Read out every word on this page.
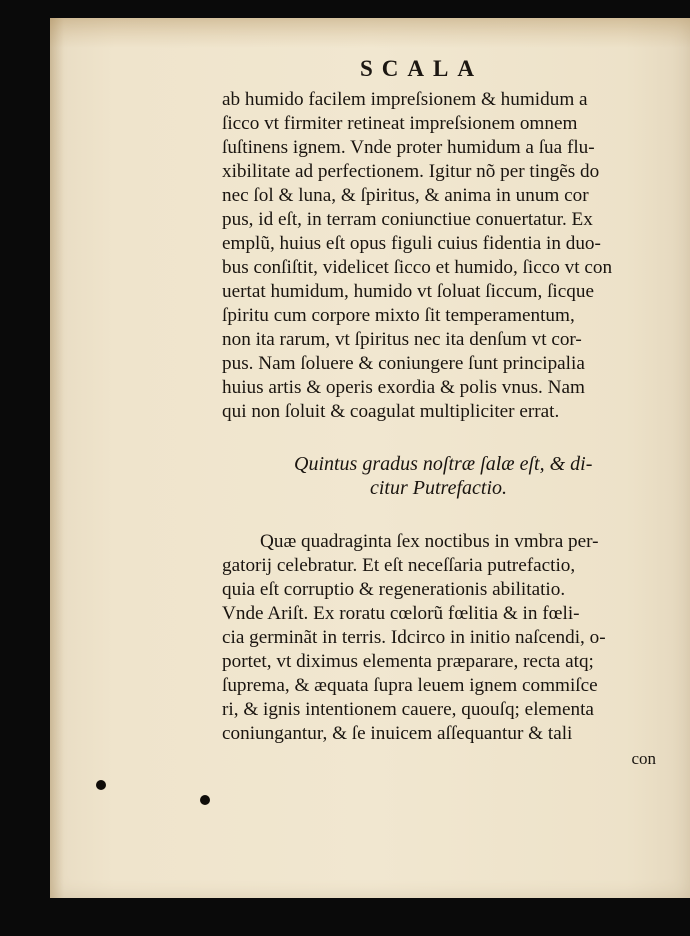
SCALA
ab humido facilem impreſsionem & humidum a
ſicco vt firmiter retineat impreſsionem omnem
ſuſtinens ignem. Vnde proter humidum a ſua flu-
xibilitate ad perfectionem. Igitur nõ per tingẽs do
nec ſol & luna, & ſpiritus, & anima in unum cor
pus, id eſt, in terram coniunctiue conuertatur. Ex
emplũ, huius eſt opus figuli cuius fidentia in duo-
bus conſiſtit, videlicet ſicco et humido, ſicco vt con
uertat humidum, humido vt ſoluat ſiccum, ſicque
ſpiritu cum corpore mixto ſit temperamentum,
non ita rarum, vt ſpiritus nec ita denſum vt cor-
pus. Nam ſoluere & coniungere ſunt principalia
huius artis & operis exordia & polis vnus. Nam
qui non ſoluit & coagulat multipliciter errat.
Quintus gradus noſtræ ſalæ eſt, & di-
citur Putrefactio.
Quæ quadraginta ſex noctibus in vmbra per-
gatorij celebratur. Et eſt neceſſaria putrefactio,
quia eſt corruptio & regenerationis abilitatio.
Vnde Ariſt. Ex roratu cœlorũ fœlitia & in fœli-
cia germinãt in terris. Idcirco in initio naſcendi, o-
portet, vt diximus elementa præparare, recta atq;
ſuprema, & æquata ſupra leuem ignem commiſce
ri, & ignis intentionem cauere, quouſq; elementa
coniungantur, & ſe inuicem aſſequantur & tali
con
